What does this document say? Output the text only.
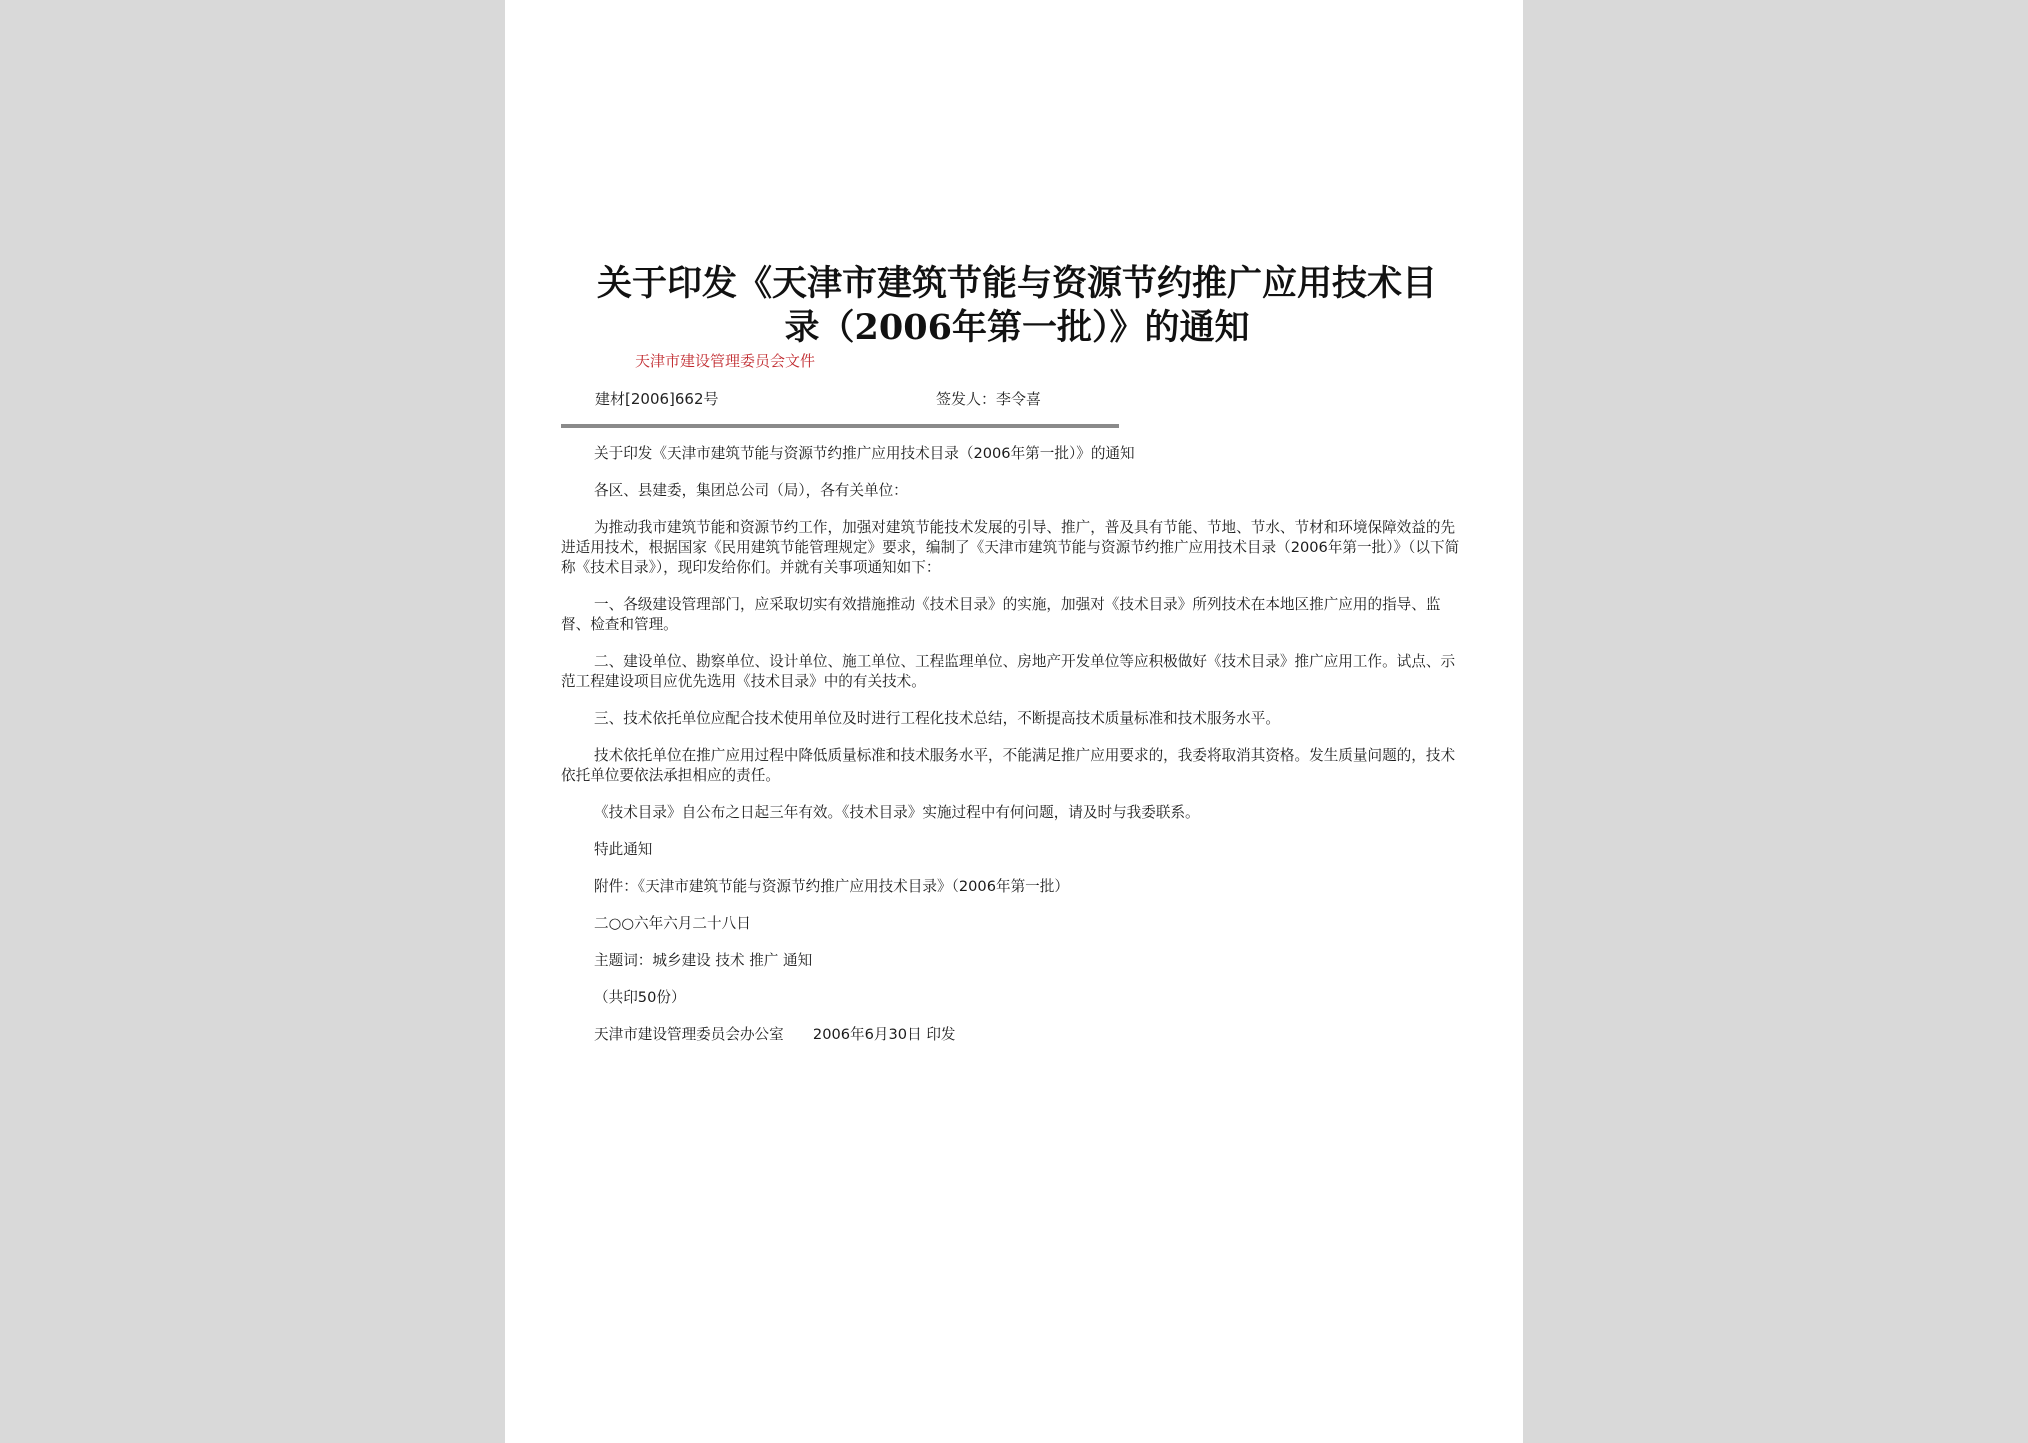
关于印发《天津市建筑节能与资源节约推广应用技术目
录（2006年第一批）》的通知
天津市建设管理委员会文件
建材[2006]662号	签发人：李令喜

关于印发《天津市建筑节能与资源节约推广应用技术目录（2006年第一批）》的通知

各区、县建委，集团总公司（局），各有关单位：

为推动我市建筑节能和资源节约工作，加强对建筑节能技术发展的引导、推广，普及具有节能、节地、节水、节材和环境保障效益的先进适用技术，根据国家《民用建筑节能管理规定》要求，编制了《天津市建筑节能与资源节约推广应用技术目录（2006年第一批）》（以下简称《技术目录》），现印发给你们。并就有关事项通知如下：

一、各级建设管理部门，应采取切实有效措施推动《技术目录》的实施，加强对《技术目录》所列技术在本地区推广应用的指导、监督、检查和管理。

二、建设单位、勘察单位、设计单位、施工单位、工程监理单位、房地产开发单位等应积极做好《技术目录》推广应用工作。试点、示范工程建设项目应优先选用《技术目录》中的有关技术。

三、技术依托单位应配合技术使用单位及时进行工程化技术总结，不断提高技术质量标准和技术服务水平。

技术依托单位在推广应用过程中降低质量标准和技术服务水平，不能满足推广应用要求的，我委将取消其资格。发生质量问题的，技术依托单位要依法承担相应的责任。

《技术目录》自公布之日起三年有效。《技术目录》实施过程中有何问题，请及时与我委联系。

特此通知

附件：《天津市建筑节能与资源节约推广应用技术目录》（2006年第一批）

二○○六年六月二十八日

主题词：城乡建设 技术 推广 通知

（共印50份）

天津市建设管理委员会办公室　　2006年6月30日 印发
